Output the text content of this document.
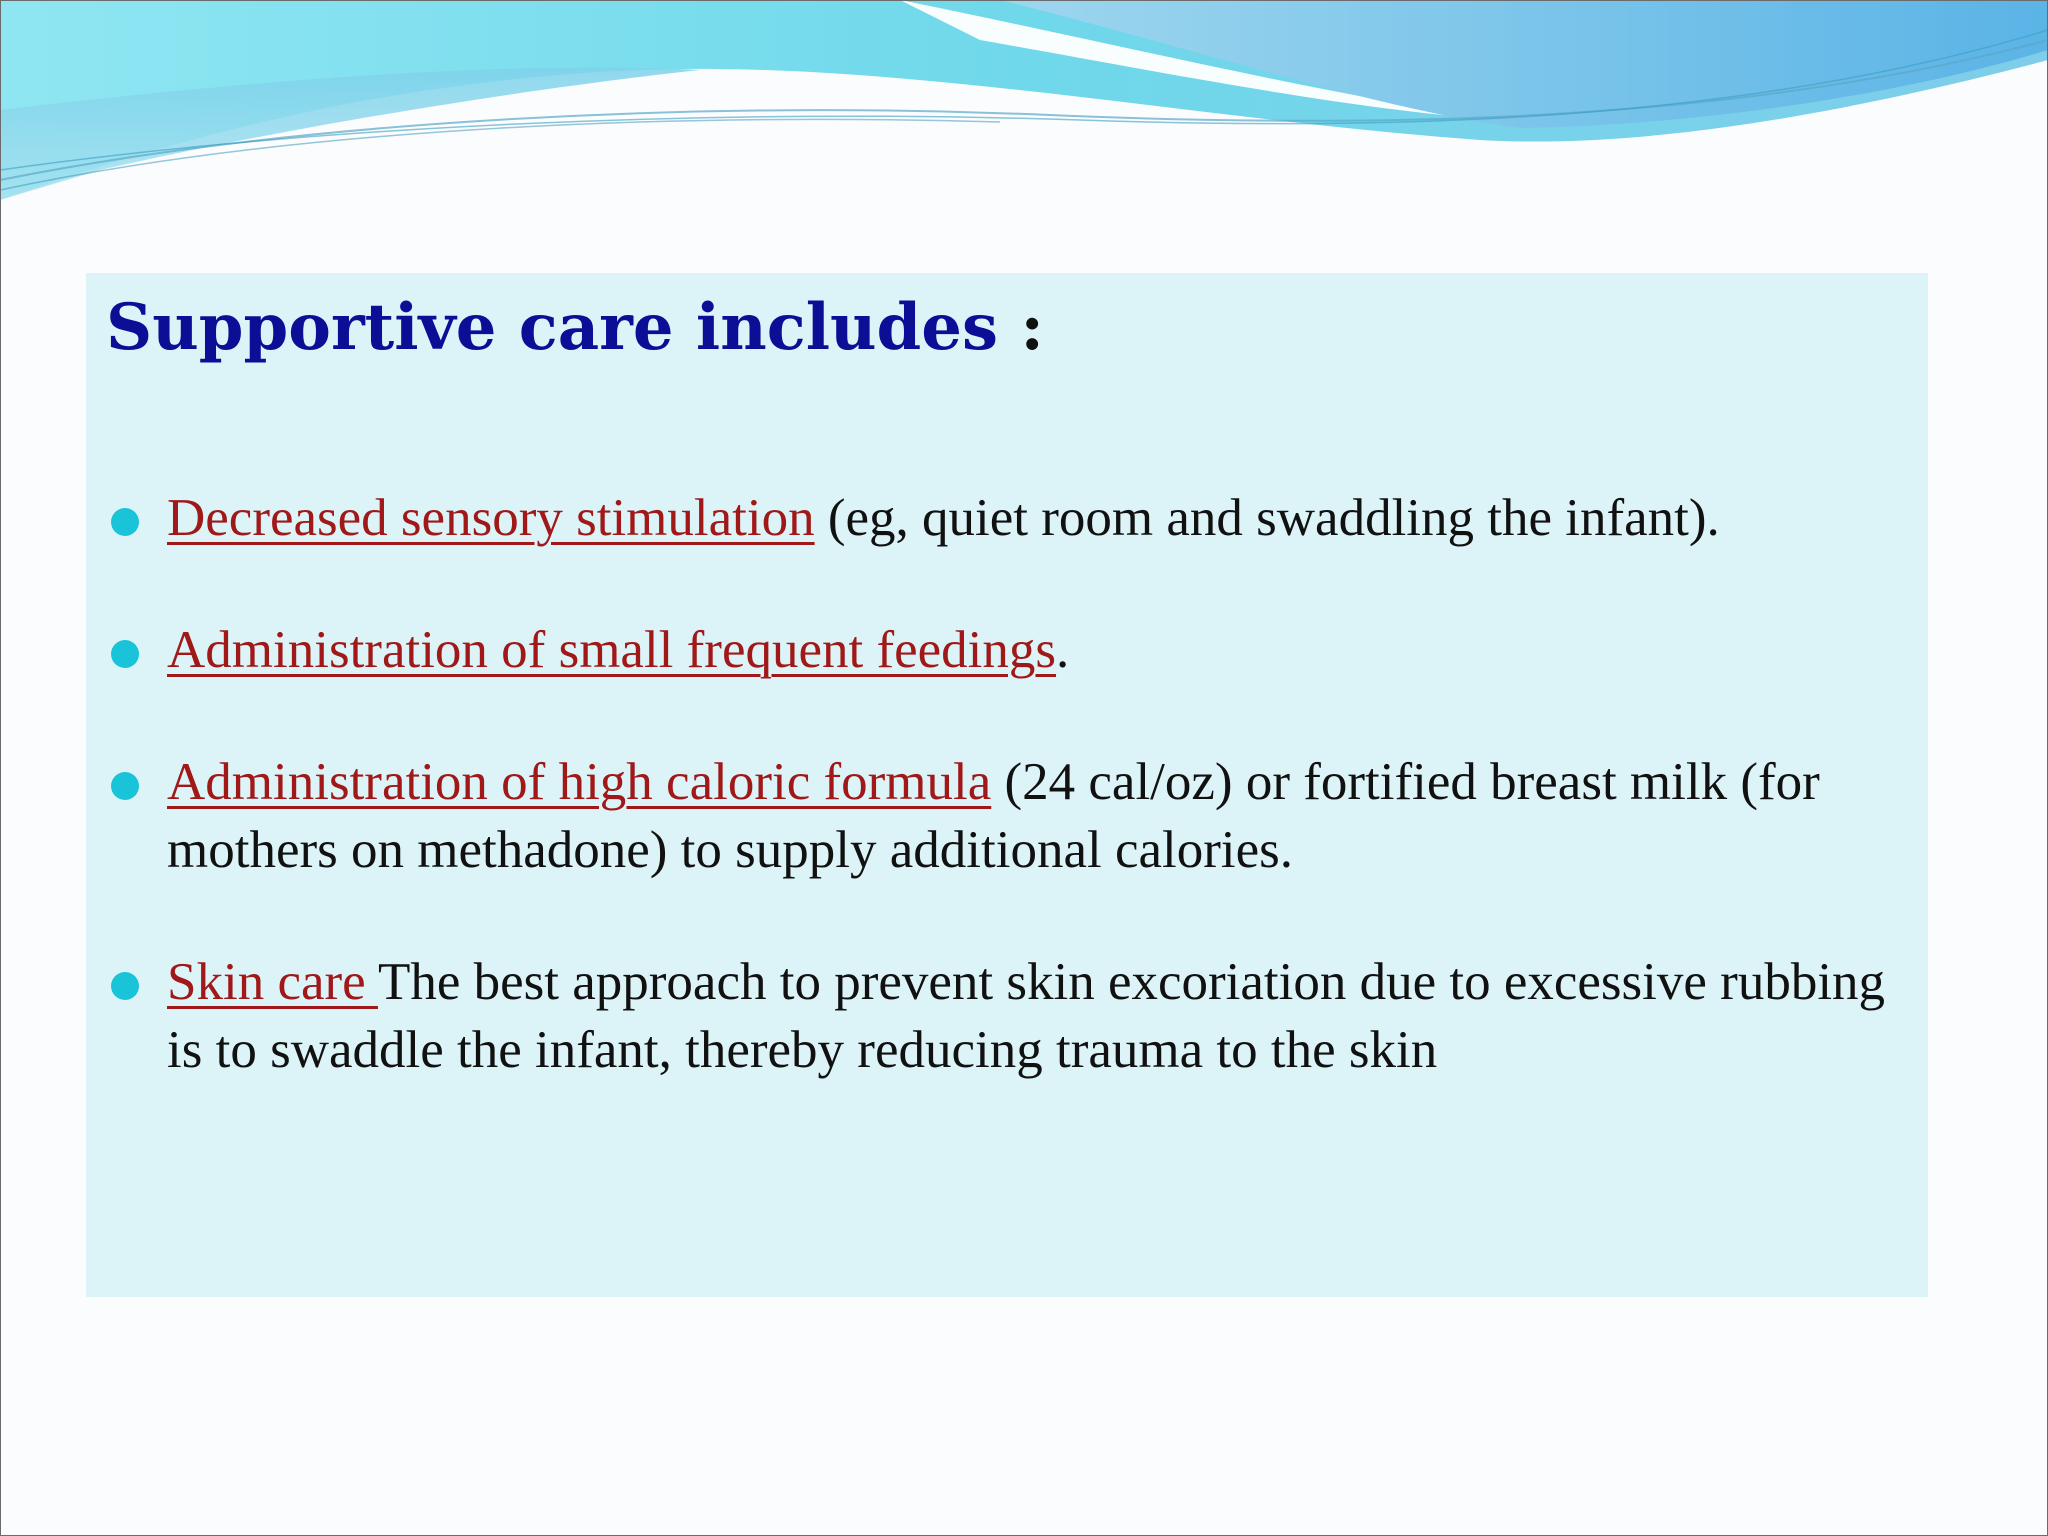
Supportive care includes :
Decreased sensory stimulation (eg, quiet room and swaddling the infant).
Administration of small frequent feedings.
Administration of high caloric formula (24 cal/oz) or fortified breast milk (for mothers on methadone) to supply additional calories.
Skin care The best approach to prevent skin excoriation due to excessive rubbing is to swaddle the infant, thereby reducing trauma to the skin
